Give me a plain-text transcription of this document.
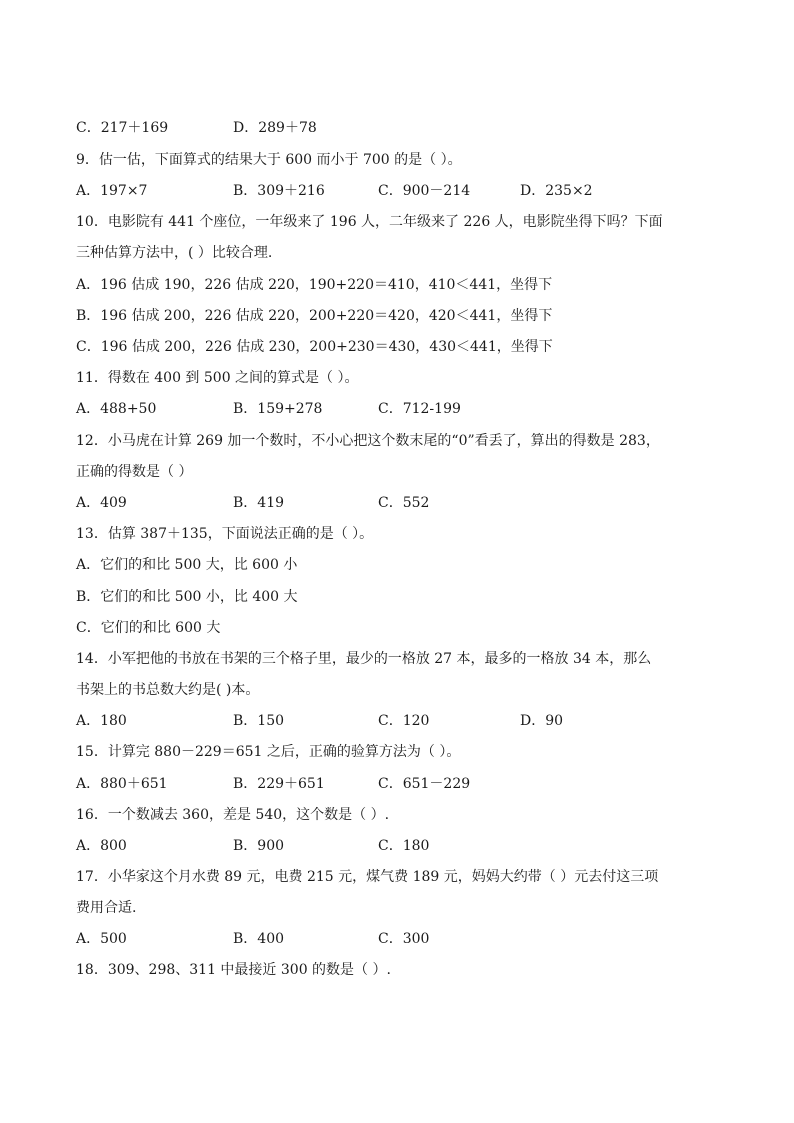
C．217＋169	D．289＋78
9．估一估，下面算式的结果大于 600 而小于 700 的是（ ）。
A．197×7	B．309＋216	C．900－214	D．235×2
10．电影院有 441 个座位，一年级来了 196 人，二年级来了 226 人，电影院坐得下吗？下面
三种估算方法中，( ）比较合理.
A．196 估成 190，226 估成 220，190+220＝410，410＜441，坐得下
B．196 估成 200，226 估成 220，200+220＝420，420＜441，坐得下
C．196 估成 200，226 估成 230，200+230＝430，430＜441，坐得下
11．得数在 400 到 500 之间的算式是（ ）。
A．488+50	B．159+278	C．712-199
12．小马虎在计算 269 加一个数时，不小心把这个数末尾的“0”看丢了，算出的得数是 283，
正确的得数是（ ）
A．409	B．419	C．552
13．估算 387＋135，下面说法正确的是（ ）。
A．它们的和比 500 大，比 600 小
B．它们的和比 500 小，比 400 大
C．它们的和比 600 大
14．小军把他的书放在书架的三个格子里，最少的一格放 27 本，最多的一格放 34 本，那么
书架上的书总数大约是( )本。
A．180	B．150	C．120	D．90
15．计算完 880－229＝651 之后，正确的验算方法为（ ）。
A．880＋651	B．229＋651	C．651－229
16．一个数减去 360，差是 540，这个数是（ ）.
A．800	B．900	C．180
17．小华家这个月水费 89 元，电费 215 元，煤气费 189 元，妈妈大约带（ ）元去付这三项
费用合适.
A．500	B．400	C．300
18．309、298、311 中最接近 300 的数是（ ）.
